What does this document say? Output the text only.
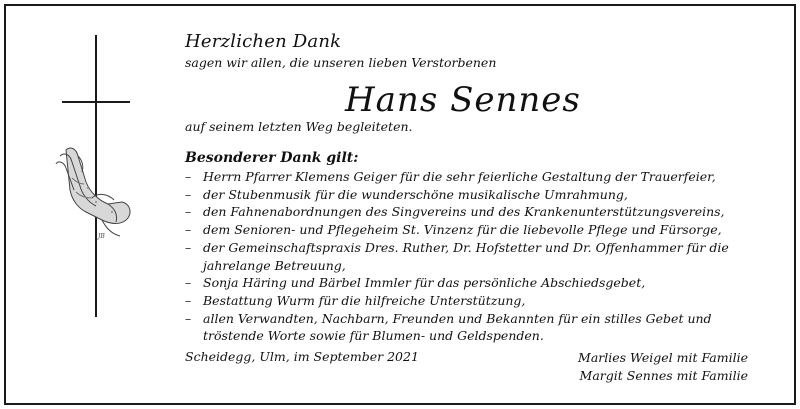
JB

Herzlichen Dank

sagen wir allen, die unseren lieben Verstorbenen

Hans Sennes

auf seinem letzten Weg begleiteten.

Besonderer Dank gilt:

– Herrn Pfarrer Klemens Geiger für die sehr feierliche Gestaltung der Trauerfeier,
– der Stubenmusik für die wunderschöne musikalische Umrahmung,
– den Fahnenabordnungen des Singvereins und des Krankenunterstützungsvereins,
– dem Senioren- und Pflegeheim St. Vinzenz für die liebevolle Pflege und Fürsorge,
– der Gemeinschaftspraxis Dres. Ruther, Dr. Hofstetter und Dr. Offenhammer für die jahrelange Betreuung,
– Sonja Häring und Bärbel Immler für das persönliche Abschiedsgebet,
– Bestattung Wurm für die hilfreiche Unterstützung,
– allen Verwandten, Nachbarn, Freunden und Bekannten für ein stilles Gebet und tröstende Worte sowie für Blumen- und Geldspenden.

Scheidegg, Ulm, im September 2021	Marlies Weigel mit Familie
Margit Sennes mit Familie
